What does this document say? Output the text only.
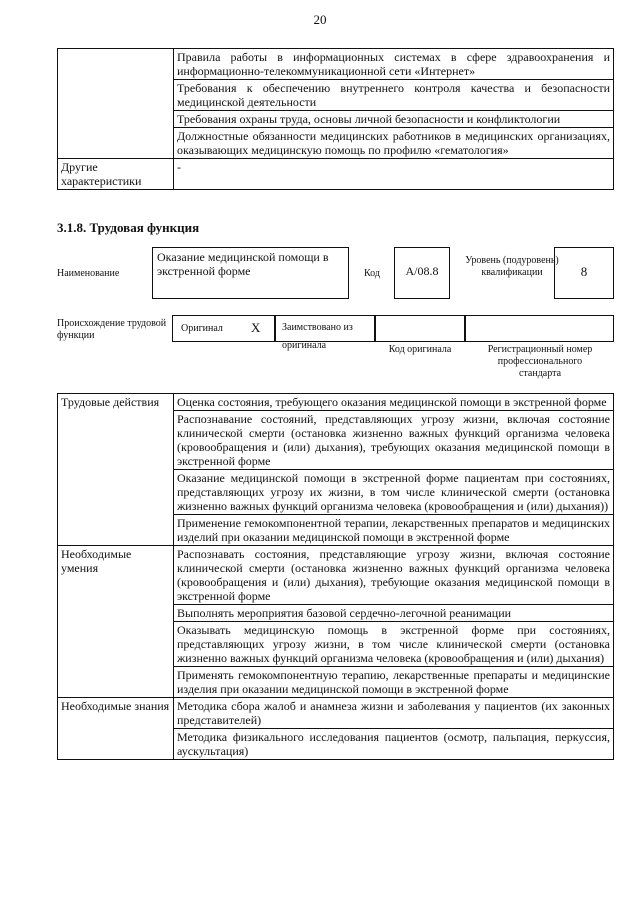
20
	Правила работы в информационных системах в сфере здравоохранения и информационно-телекоммуникационной сети «Интернет»
	Требования к обеспечению внутреннего контроля качества и безопасности медицинской деятельности
	Требования охраны труда, основы личной безопасности и конфликтологии
	Должностные обязанности медицинских работников в медицинских организациях, оказывающих медицинскую помощь по профилю «гематология»
Другие характеристики	-
3.1.8. Трудовая функция
Наименование
Оказание медицинской помощи в экстренной форме	Код	A/08.8
Уровень (подуровень) квалификации	8
Происхождение трудовой функции
Оригинал X	Заимствовано из оригинала	Код оригинала	Регистрационный номер профессионального стандарта
Трудовые действия	Оценка состояния, требующего оказания медицинской помощи в экстренной форме
	Распознавание состояний, представляющих угрозу жизни, включая состояние клинической смерти (остановка жизненно важных функций организма человека (кровообращения и (или) дыхания), требующих оказания медицинской помощи в экстренной форме
	Оказание медицинской помощи в экстренной форме пациентам при состояниях, представляющих угрозу их жизни, в том числе клинической смерти (остановка жизненно важных функций организма человека (кровообращения и (или) дыхания))
	Применение гемокомпонентной терапии, лекарственных препаратов и медицинских изделий при оказании медицинской помощи в экстренной форме
Необходимые умения	Распознавать состояния, представляющие угрозу жизни, включая состояние клинической смерти (остановка жизненно важных функций организма человека (кровообращения и (или) дыхания), требующие оказания медицинской помощи в экстренной форме
	Выполнять мероприятия базовой сердечно-легочной реанимации
	Оказывать медицинскую помощь в экстренной форме при состояниях, представляющих угрозу жизни, в том числе клинической смерти (остановка жизненно важных функций организма человека (кровообращения и (или) дыхания)
	Применять гемокомпонентную терапию, лекарственные препараты и медицинские изделия при оказании медицинской помощи в экстренной форме
Необходимые знания	Методика сбора жалоб и анамнеза жизни и заболевания у пациентов (их законных представителей)
	Методика физикального исследования пациентов (осмотр, пальпация, перкуссия, аускультация)
